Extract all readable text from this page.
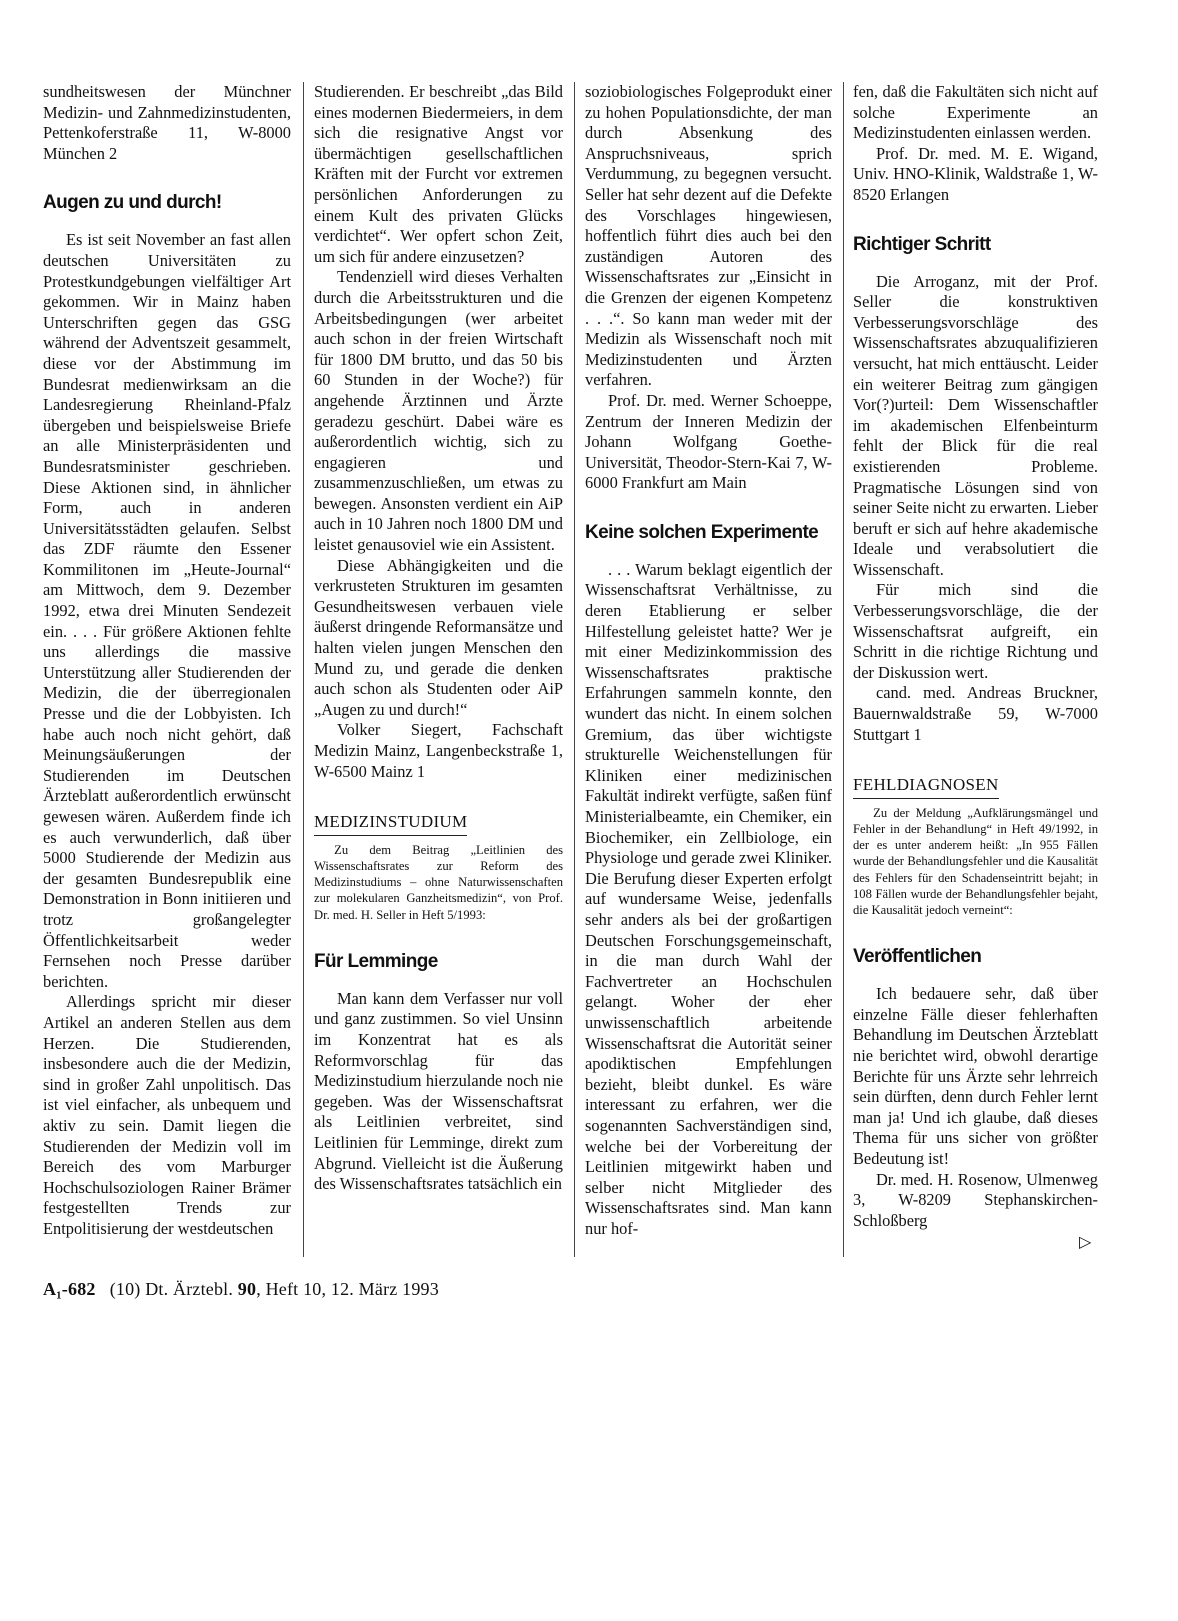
sundheitswesen der Münchner Medizin- und Zahnmedizinstudenten, Pettenkoferstraße 11, W-8000 München 2

Augen zu und durch!

Es ist seit November an fast allen deutschen Universitäten zu Protestkundgebungen vielfältiger Art gekommen. Wir in Mainz haben Unterschriften gegen das GSG während der Adventszeit gesammelt, diese vor der Abstimmung im Bundesrat medienwirksam an die Landesregierung Rheinland-Pfalz übergeben und beispielsweise Briefe an alle Ministerpräsidenten und Bundesratsminister geschrieben. Diese Aktionen sind, in ähnlicher Form, auch in anderen Universitätsstädten gelaufen. Selbst das ZDF räumte den Essener Kommilitonen im „Heute-Journal“ am Mittwoch, dem 9. Dezember 1992, etwa drei Minuten Sendezeit ein. . . . Für größere Aktionen fehlte uns allerdings die massive Unterstützung aller Studierenden der Medizin, die der überregionalen Presse und die der Lobbyisten. Ich habe auch noch nicht gehört, daß Meinungsäußerungen der Studierenden im Deutschen Ärzteblatt außerordentlich erwünscht gewesen wären. Außerdem finde ich es auch verwunderlich, daß über 5000 Studierende der Medizin aus der gesamten Bundesrepublik eine Demonstration in Bonn initiieren und trotz großangelegter Öffentlichkeitsarbeit weder Fernsehen noch Presse darüber berichten.

Allerdings spricht mir dieser Artikel an anderen Stellen aus dem Herzen. Die Studierenden, insbesondere auch die der Medizin, sind in großer Zahl unpolitisch. Das ist viel einfacher, als unbequem und aktiv zu sein. Damit liegen die Studierenden der Medizin voll im Bereich des vom Marburger Hochschulsoziologen Rainer Brämer festgestellten Trends zur Entpolitisierung der westdeutschen

Studierenden. Er beschreibt „das Bild eines modernen Biedermeiers, in dem sich die resignative Angst vor übermächtigen gesellschaftlichen Kräften mit der Furcht vor extremen persönlichen Anforderungen zu einem Kult des privaten Glücks verdichtet“. Wer opfert schon Zeit, um sich für andere einzusetzen?

Tendenziell wird dieses Verhalten durch die Arbeitsstrukturen und die Arbeitsbedingungen (wer arbeitet auch schon in der freien Wirtschaft für 1800 DM brutto, und das 50 bis 60 Stunden in der Woche?) für angehende Ärztinnen und Ärzte geradezu geschürt. Dabei wäre es außerordentlich wichtig, sich zu engagieren und zusammenzuschließen, um etwas zu bewegen. Ansonsten verdient ein AiP auch in 10 Jahren noch 1800 DM und leistet genausoviel wie ein Assistent.

Diese Abhängigkeiten und die verkrusteten Strukturen im gesamten Gesundheitswesen verbauen viele äußerst dringende Reformansätze und halten vielen jungen Menschen den Mund zu, und gerade die denken auch schon als Studenten oder AiP „Augen zu und durch!“

Volker Siegert, Fachschaft Medizin Mainz, Langenbeckstraße 1, W-6500 Mainz 1

MEDIZINSTUDIUM

Zu dem Beitrag „Leitlinien des Wissenschaftsrates zur Reform des Medizinstudiums – ohne Naturwissenschaften zur molekularen Ganzheitsmedizin“, von Prof. Dr. med. H. Seller in Heft 5/1993:

Für Lemminge

Man kann dem Verfasser nur voll und ganz zustimmen. So viel Unsinn im Konzentrat hat es als Reformvorschlag für das Medizinstudium hierzulande noch nie gegeben. Was der Wissenschaftsrat als Leitlinien verbreitet, sind Leitlinien für Lemminge, direkt zum Abgrund. Vielleicht ist die Äußerung des Wissenschaftsrates tatsächlich ein

soziobiologisches Folgeprodukt einer zu hohen Populationsdichte, der man durch Absenkung des Anspruchsniveaus, sprich Verdummung, zu begegnen versucht. Seller hat sehr dezent auf die Defekte des Vorschlages hingewiesen, hoffentlich führt dies auch bei den zuständigen Autoren des Wissenschaftsrates zur „Einsicht in die Grenzen der eigenen Kompetenz . . .“. So kann man weder mit der Medizin als Wissenschaft noch mit Medizinstudenten und Ärzten verfahren.

Prof. Dr. med. Werner Schoeppe, Zentrum der Inneren Medizin der Johann Wolfgang Goethe-Universität, Theodor-Stern-Kai 7, W-6000 Frankfurt am Main

Keine solchen Experimente

. . . Warum beklagt eigentlich der Wissenschaftsrat Verhältnisse, zu deren Etablierung er selber Hilfestellung geleistet hatte? Wer je mit einer Medizinkommission des Wissenschaftsrates praktische Erfahrungen sammeln konnte, den wundert das nicht. In einem solchen Gremium, das über wichtigste strukturelle Weichenstellungen für Kliniken einer medizinischen Fakultät indirekt verfügte, saßen fünf Ministerialbeamte, ein Chemiker, ein Biochemiker, ein Zellbiologe, ein Physiologe und gerade zwei Kliniker. Die Berufung dieser Experten erfolgt auf wundersame Weise, jedenfalls sehr anders als bei der großartigen Deutschen Forschungsgemeinschaft, in die man durch Wahl der Fachvertreter an Hochschulen gelangt. Woher der eher unwissenschaftlich arbeitende Wissenschaftsrat die Autorität seiner apodiktischen Empfehlungen bezieht, bleibt dunkel. Es wäre interessant zu erfahren, wer die sogenannten Sachverständigen sind, welche bei der Vorbereitung der Leitlinien mitgewirkt haben und selber nicht Mitglieder des Wissenschaftsrates sind. Man kann nur hof-

fen, daß die Fakultäten sich nicht auf solche Experimente an Medizinstudenten einlassen werden.

Prof. Dr. med. M. E. Wigand, Univ. HNO-Klinik, Waldstraße 1, W-8520 Erlangen

Richtiger Schritt

Die Arroganz, mit der Prof. Seller die konstruktiven Verbesserungsvorschläge des Wissenschaftsrates abzuqualifizieren versucht, hat mich enttäuscht. Leider ein weiterer Beitrag zum gängigen Vor(?)urteil: Dem Wissenschaftler im akademischen Elfenbeinturm fehlt der Blick für die real existierenden Probleme. Pragmatische Lösungen sind von seiner Seite nicht zu erwarten. Lieber beruft er sich auf hehre akademische Ideale und verabsolutiert die Wissenschaft.

Für mich sind die Verbesserungsvorschläge, die der Wissenschaftsrat aufgreift, ein Schritt in die richtige Richtung und der Diskussion wert.

cand. med. Andreas Bruckner, Bauernwaldstraße 59, W-7000 Stuttgart 1

FEHLDIAGNOSEN

Zu der Meldung „Aufklärungsmängel und Fehler in der Behandlung“ in Heft 49/1992, in der es unter anderem heißt: „In 955 Fällen wurde der Behandlungsfehler und die Kausalität des Fehlers für den Schadenseintritt bejaht; in 108 Fällen wurde der Behandlungsfehler bejaht, die Kausalität jedoch verneint“:

Veröffentlichen

Ich bedauere sehr, daß über einzelne Fälle dieser fehlerhaften Behandlung im Deutschen Ärzteblatt nie berichtet wird, obwohl derartige Berichte für uns Ärzte sehr lehrreich sein dürften, denn durch Fehler lernt man ja! Und ich glaube, daß dieses Thema für uns sicher von größter Bedeutung ist!

Dr. med. H. Rosenow, Ulmenweg 3, W-8209 Stephanskirchen-Schloßberg

▷
A₁-682 (10) Dt. Ärztebl. 90, Heft 10, 12. März 1993
